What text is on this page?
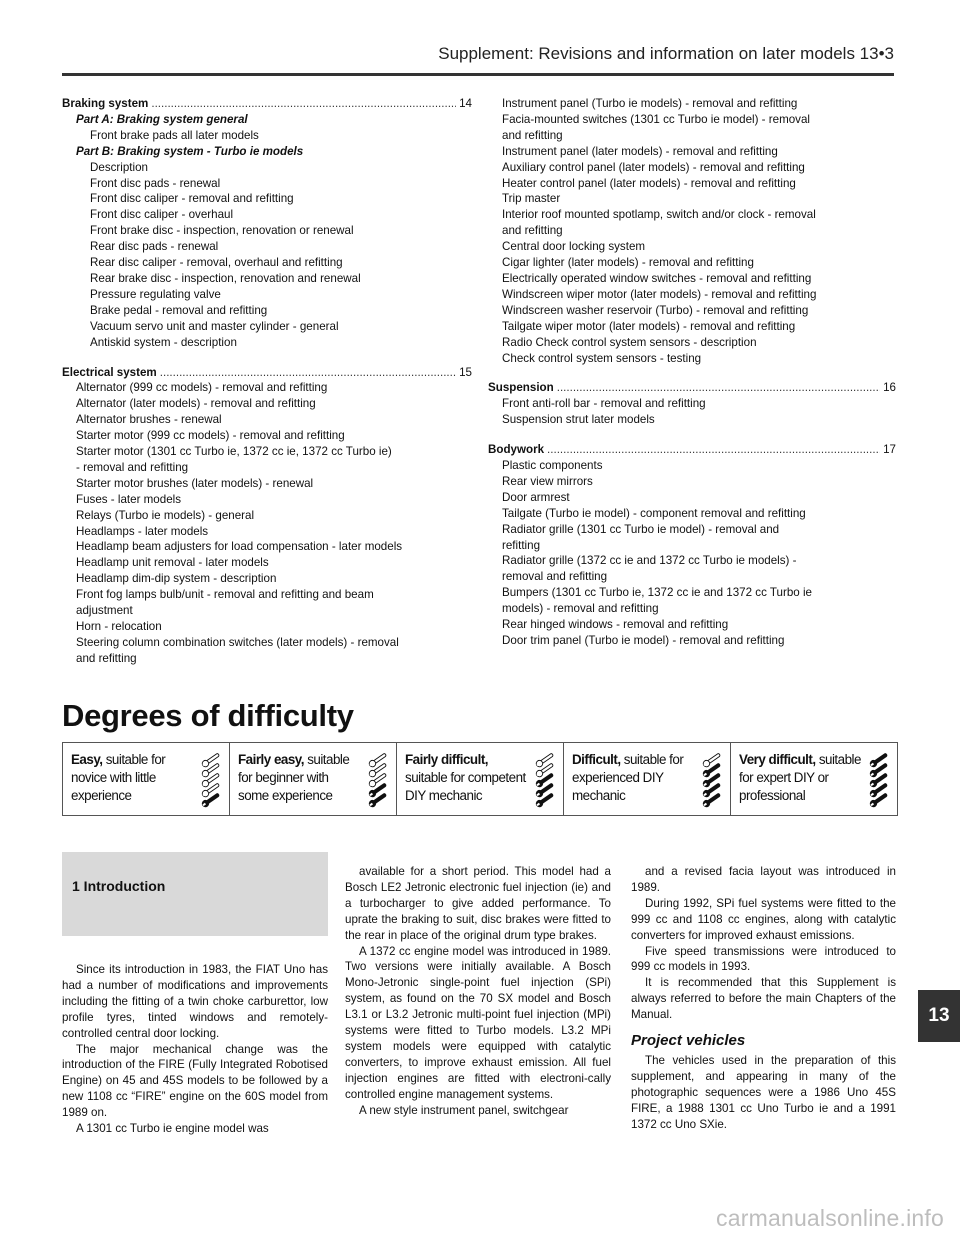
Supplement: Revisions and information on later models 13•3
Braking system .....	14
Part A: Braking system general
Front brake pads all later models
Part B: Braking system - Turbo ie models
Description
Front disc pads - renewal
Front disc caliper - removal and refitting
Front disc caliper - overhaul
Front brake disc - inspection, renovation or renewal
Rear disc pads - renewal
Rear disc caliper - removal, overhaul and refitting
Rear brake disc - inspection, renovation and renewal
Pressure regulating valve
Brake pedal - removal and refitting
Vacuum servo unit and master cylinder - general
Antiskid system - description
Electrical system .....	15
Alternator (999 cc models) - removal and refitting
Alternator (later models) - removal and refitting
Alternator brushes - renewal
Starter motor (999 cc models) - removal and refitting
Starter motor (1301 cc Turbo ie, 1372 cc ie, 1372 cc Turbo ie)
- removal and refitting
Starter motor brushes (later models) - renewal
Fuses - later models
Relays (Turbo ie models) - general
Headlamps - later models
Headlamp beam adjusters for load compensation - later models
Headlamp unit removal - later models
Headlamp dim-dip system - description
Front fog lamps bulb/unit - removal and refitting and beam
adjustment
Horn - relocation
Steering column combination switches (later models) - removal
and refitting
Instrument panel (Turbo ie models) - removal and refitting
Facia-mounted switches (1301 cc Turbo ie model) - removal
and refitting
Instrument panel (later models) - removal and refitting
Auxiliary control panel (later models) - removal and refitting
Heater control panel (later models) - removal and refitting
Trip master
Interior roof mounted spotlamp, switch and/or clock - removal
and refitting
Central door locking system
Cigar lighter (later models) - removal and refitting
Electrically operated window switches - removal and refitting
Windscreen wiper motor (later models) - removal and refitting
Windscreen washer reservoir (Turbo) - removal and refitting
Tailgate wiper motor (later models) - removal and refitting
Radio Check control system sensors - description
Check control system sensors - testing
Suspension .....	16
Front anti-roll bar - removal and refitting
Suspension strut later models
Bodywork .....	17
Plastic components
Rear view mirrors
Door armrest
Tailgate (Turbo ie model) - component removal and refitting
Radiator grille (1301 cc Turbo ie model) - removal and
refitting
Radiator grille (1372 cc ie and 1372 cc Turbo ie models) -
removal and refitting
Bumpers (1301 cc Turbo ie, 1372 cc ie and 1372 cc Turbo ie
models) - removal and refitting
Rear hinged windows - removal and refitting
Door trim panel (Turbo ie model) - removal and refitting
Degrees of difficulty
Easy, suitable for novice with little experience
Fairly easy, suitable for beginner with some experience
Fairly difficult, suitable for competent DIY mechanic
Difficult, suitable for experienced DIY mechanic
Very difficult, suitable for expert DIY or professional
1 Introduction

Since its introduction in 1983, the FIAT Uno has had a number of modifications and improvements including the fitting of a twin choke carburettor, low profile tyres, tinted windows and remotely-controlled central door locking.

The major mechanical change was the introduction of the FIRE (Fully Integrated Robotised Engine) on 45 and 45S models to be followed by a new 1108 cc “FIRE” engine on the 60S model from 1989 on.

A 1301 cc Turbo ie engine model was

available for a short period. This model had a Bosch LE2 Jetronic electronic fuel injection (ie) and a turbocharger to give added performance. To uprate the braking to suit, disc brakes were fitted to the rear in place of the original drum type brakes.

A 1372 cc engine model was introduced in 1989. Two versions were initially available. A Bosch Mono-Jetronic single-point fuel injection (SPi) system, as found on the 70 SX model and Bosch L3.1 or L3.2 Jetronic multi-point fuel injection (MPi) systems were fitted to Turbo models. L3.2 MPi system models were equipped with catalytic converters, to improve exhaust emission. All fuel injection engines are fitted with electroni-cally controlled engine management systems.

A new style instrument panel, switchgear

and a revised facia layout was introduced in 1989.

During 1992, SPi fuel systems were fitted to the 999 cc and 1108 cc engines, along with catalytic converters for improved exhaust emissions.

Five speed transmissions were introduced to 999 cc models in 1993.

It is recommended that this Supplement is always referred to before the main Chapters of the Manual.

Project vehicles

The vehicles used in the preparation of this supplement, and appearing in many of the photographic sequences were a 1986 Uno 45S FIRE, a 1988 1301 cc Uno Turbo ie and a 1991 1372 cc Uno SXie.

13
carmanualsonline.info
